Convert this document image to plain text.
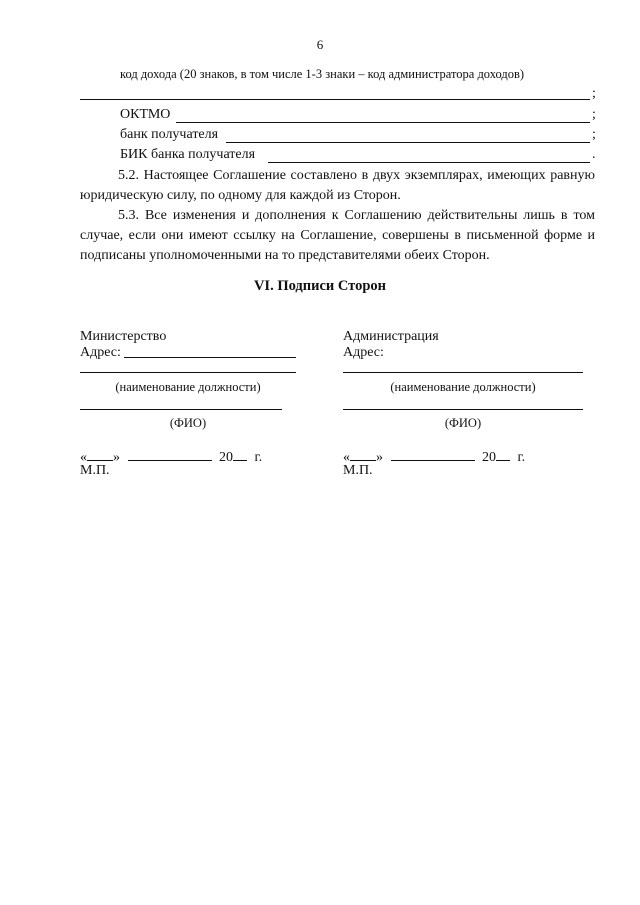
6
код дохода (20 знаков, в том числе 1-3 знаки – код администратора доходов)
;
ОКТМО	;
банк получателя	;
БИК банка получателя	.
5.2. Настоящее Соглашение составлено в двух экземплярах, имеющих равную юридическую силу, по одному для каждой из Сторон.
5.3. Все изменения и дополнения к Соглашению действительны лишь в том случае, если они имеют ссылку на Соглашение, совершены в письменной форме и подписаны уполномоченными на то представителями обеих Сторон.
VI. Подписи Сторон
Министерство
Адрес:
(наименование должности)
(ФИО)
« »	20 г.
М.П.
Администрация
Адрес:
(наименование должности)
(ФИО)
« »	20 г.
М.П.
